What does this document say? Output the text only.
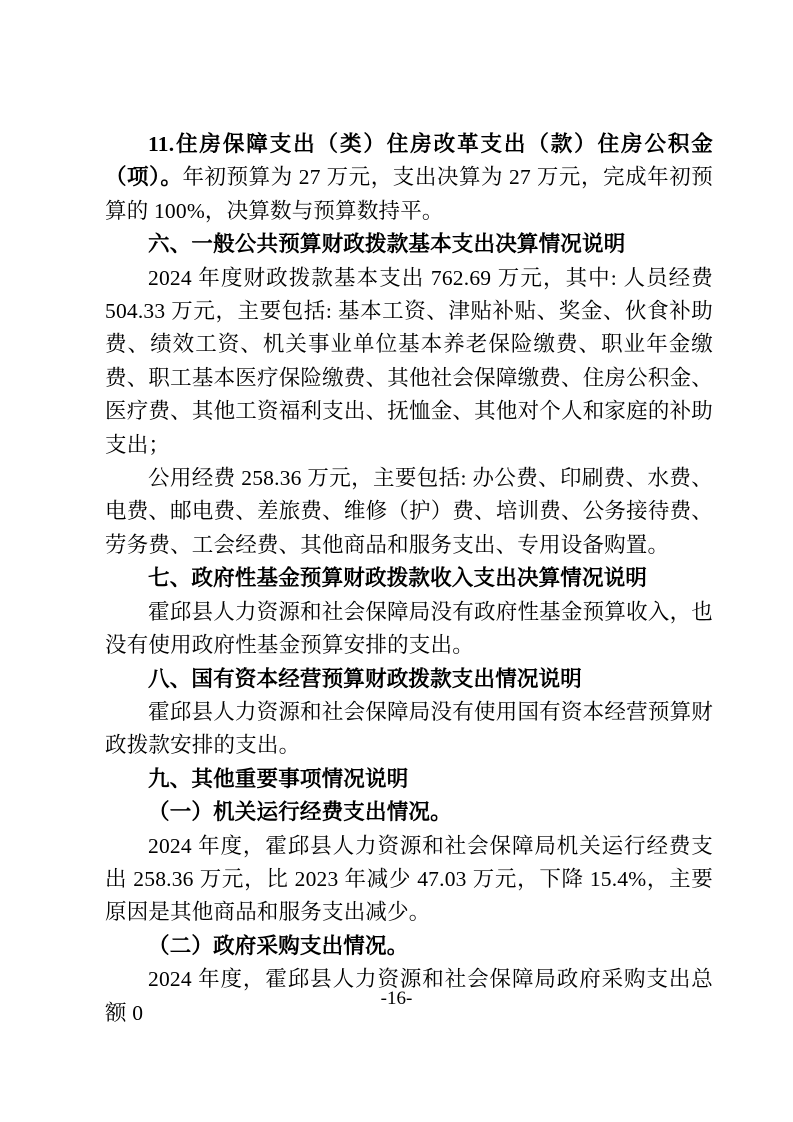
11.住房保障支出（类）住房改革支出（款）住房公积金（项）。年初预算为 27 万元，支出决算为 27 万元，完成年初预算的 100%，决算数与预算数持平。

六、一般公共预算财政拨款基本支出决算情况说明

2024 年度财政拨款基本支出 762.69 万元，其中: 人员经费 504.33 万元，主要包括: 基本工资、津贴补贴、奖金、伙食补助费、绩效工资、机关事业单位基本养老保险缴费、职业年金缴费、职工基本医疗保险缴费、其他社会保障缴费、住房公积金、医疗费、其他工资福利支出、抚恤金、其他对个人和家庭的补助支出；

公用经费 258.36 万元，主要包括: 办公费、印刷费、水费、电费、邮电费、差旅费、维修（护）费、培训费、公务接待费、劳务费、工会经费、其他商品和服务支出、专用设备购置。

七、政府性基金预算财政拨款收入支出决算情况说明

霍邱县人力资源和社会保障局没有政府性基金预算收入，也没有使用政府性基金预算安排的支出。

八、国有资本经营预算财政拨款支出情况说明

霍邱县人力资源和社会保障局没有使用国有资本经营预算财政拨款安排的支出。

九、其他重要事项情况说明

（一）机关运行经费支出情况。

2024 年度，霍邱县人力资源和社会保障局机关运行经费支出 258.36 万元，比 2023 年减少 47.03 万元，下降 15.4%，主要原因是其他商品和服务支出减少。

（二）政府采购支出情况。

2024 年度，霍邱县人力资源和社会保障局政府采购支出总额 0

-16-
